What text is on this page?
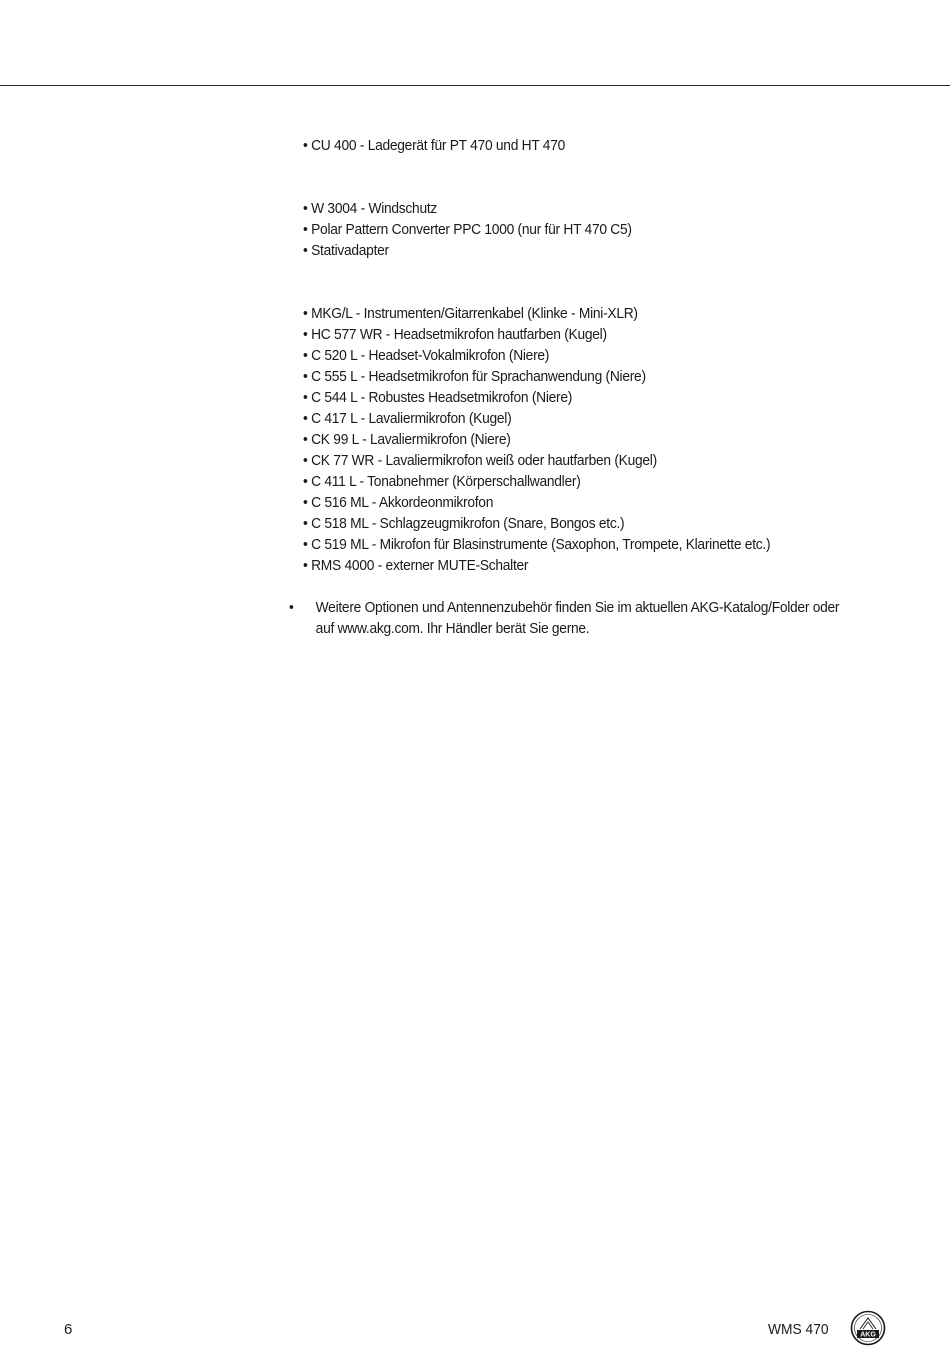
• CU 400 - Ladegerät für PT 470 und HT 470
• W 3004 - Windschutz
• Polar Pattern Converter PPC 1000 (nur für HT 470 C5)
• Stativadapter
• MKG/L - Instrumenten/Gitarrenkabel (Klinke - Mini-XLR)
• HC 577 WR - Headsetmikrofon hautfarben (Kugel)
• C 520 L - Headset-Vokalmikrofon (Niere)
• C 555 L - Headsetmikrofon für Sprachanwendung (Niere)
• C 544 L - Robustes Headsetmikrofon (Niere)
• C 417 L - Lavaliermikrofon (Kugel)
• CK 99 L - Lavaliermikrofon (Niere)
• CK 77 WR - Lavaliermikrofon weiß oder hautfarben (Kugel)
• C 411 L - Tonabnehmer (Körperschallwandler)
• C 516 ML - Akkordeonmikrofon
• C 518 ML - Schlagzeugmikrofon (Snare, Bongos etc.)
• C 519 ML - Mikrofon für Blasinstrumente (Saxophon, Trompete, Klarinette etc.)
• RMS 4000 - externer MUTE-Schalter
• Weitere Optionen und Antennenzubehör finden Sie im aktuellen AKG-Katalog/Folder oder
auf www.akg.com. Ihr Händler berät Sie gerne.
6	WMS 470	AKG
